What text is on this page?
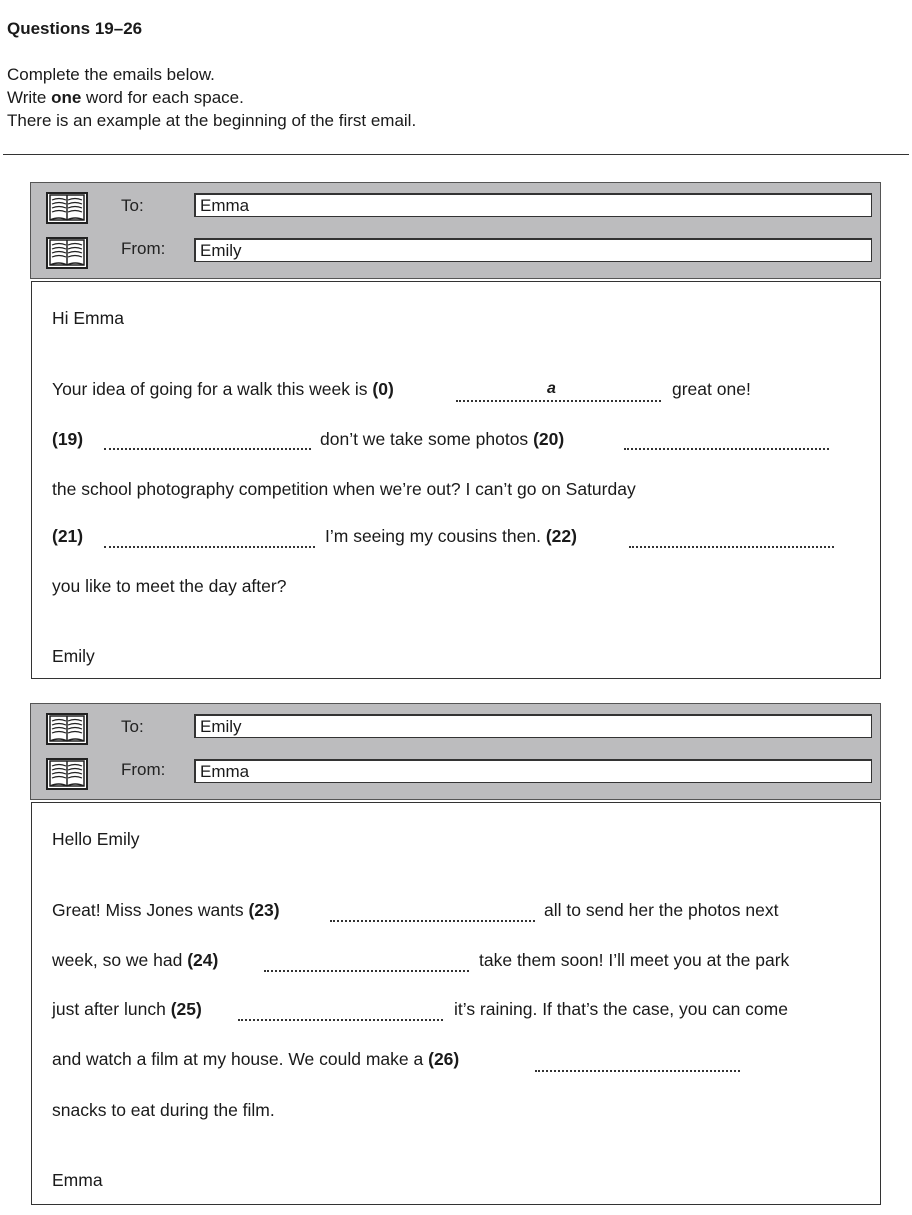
Questions 19–26
Complete the emails below.
Write one word for each space.
There is an example at the beginning of the first email.
To:	Emma
From:	Emily
Hi Emma
Your idea of going for a walk this week is (0)	a	great one!
(19)	don’t we take some photos (20)
the school photography competition when we’re out? I can’t go on Saturday
(21)	I’m seeing my cousins then. (22)
you like to meet the day after?
Emily
To:	Emily
From:	Emma
Hello Emily
Great! Miss Jones wants (23)	all to send her the photos next
week, so we had (24)	take them soon! I’ll meet you at the park
just after lunch (25)	it’s raining. If that’s the case, you can come
and watch a film at my house. We could make a (26)
snacks to eat during the film.
Emma
